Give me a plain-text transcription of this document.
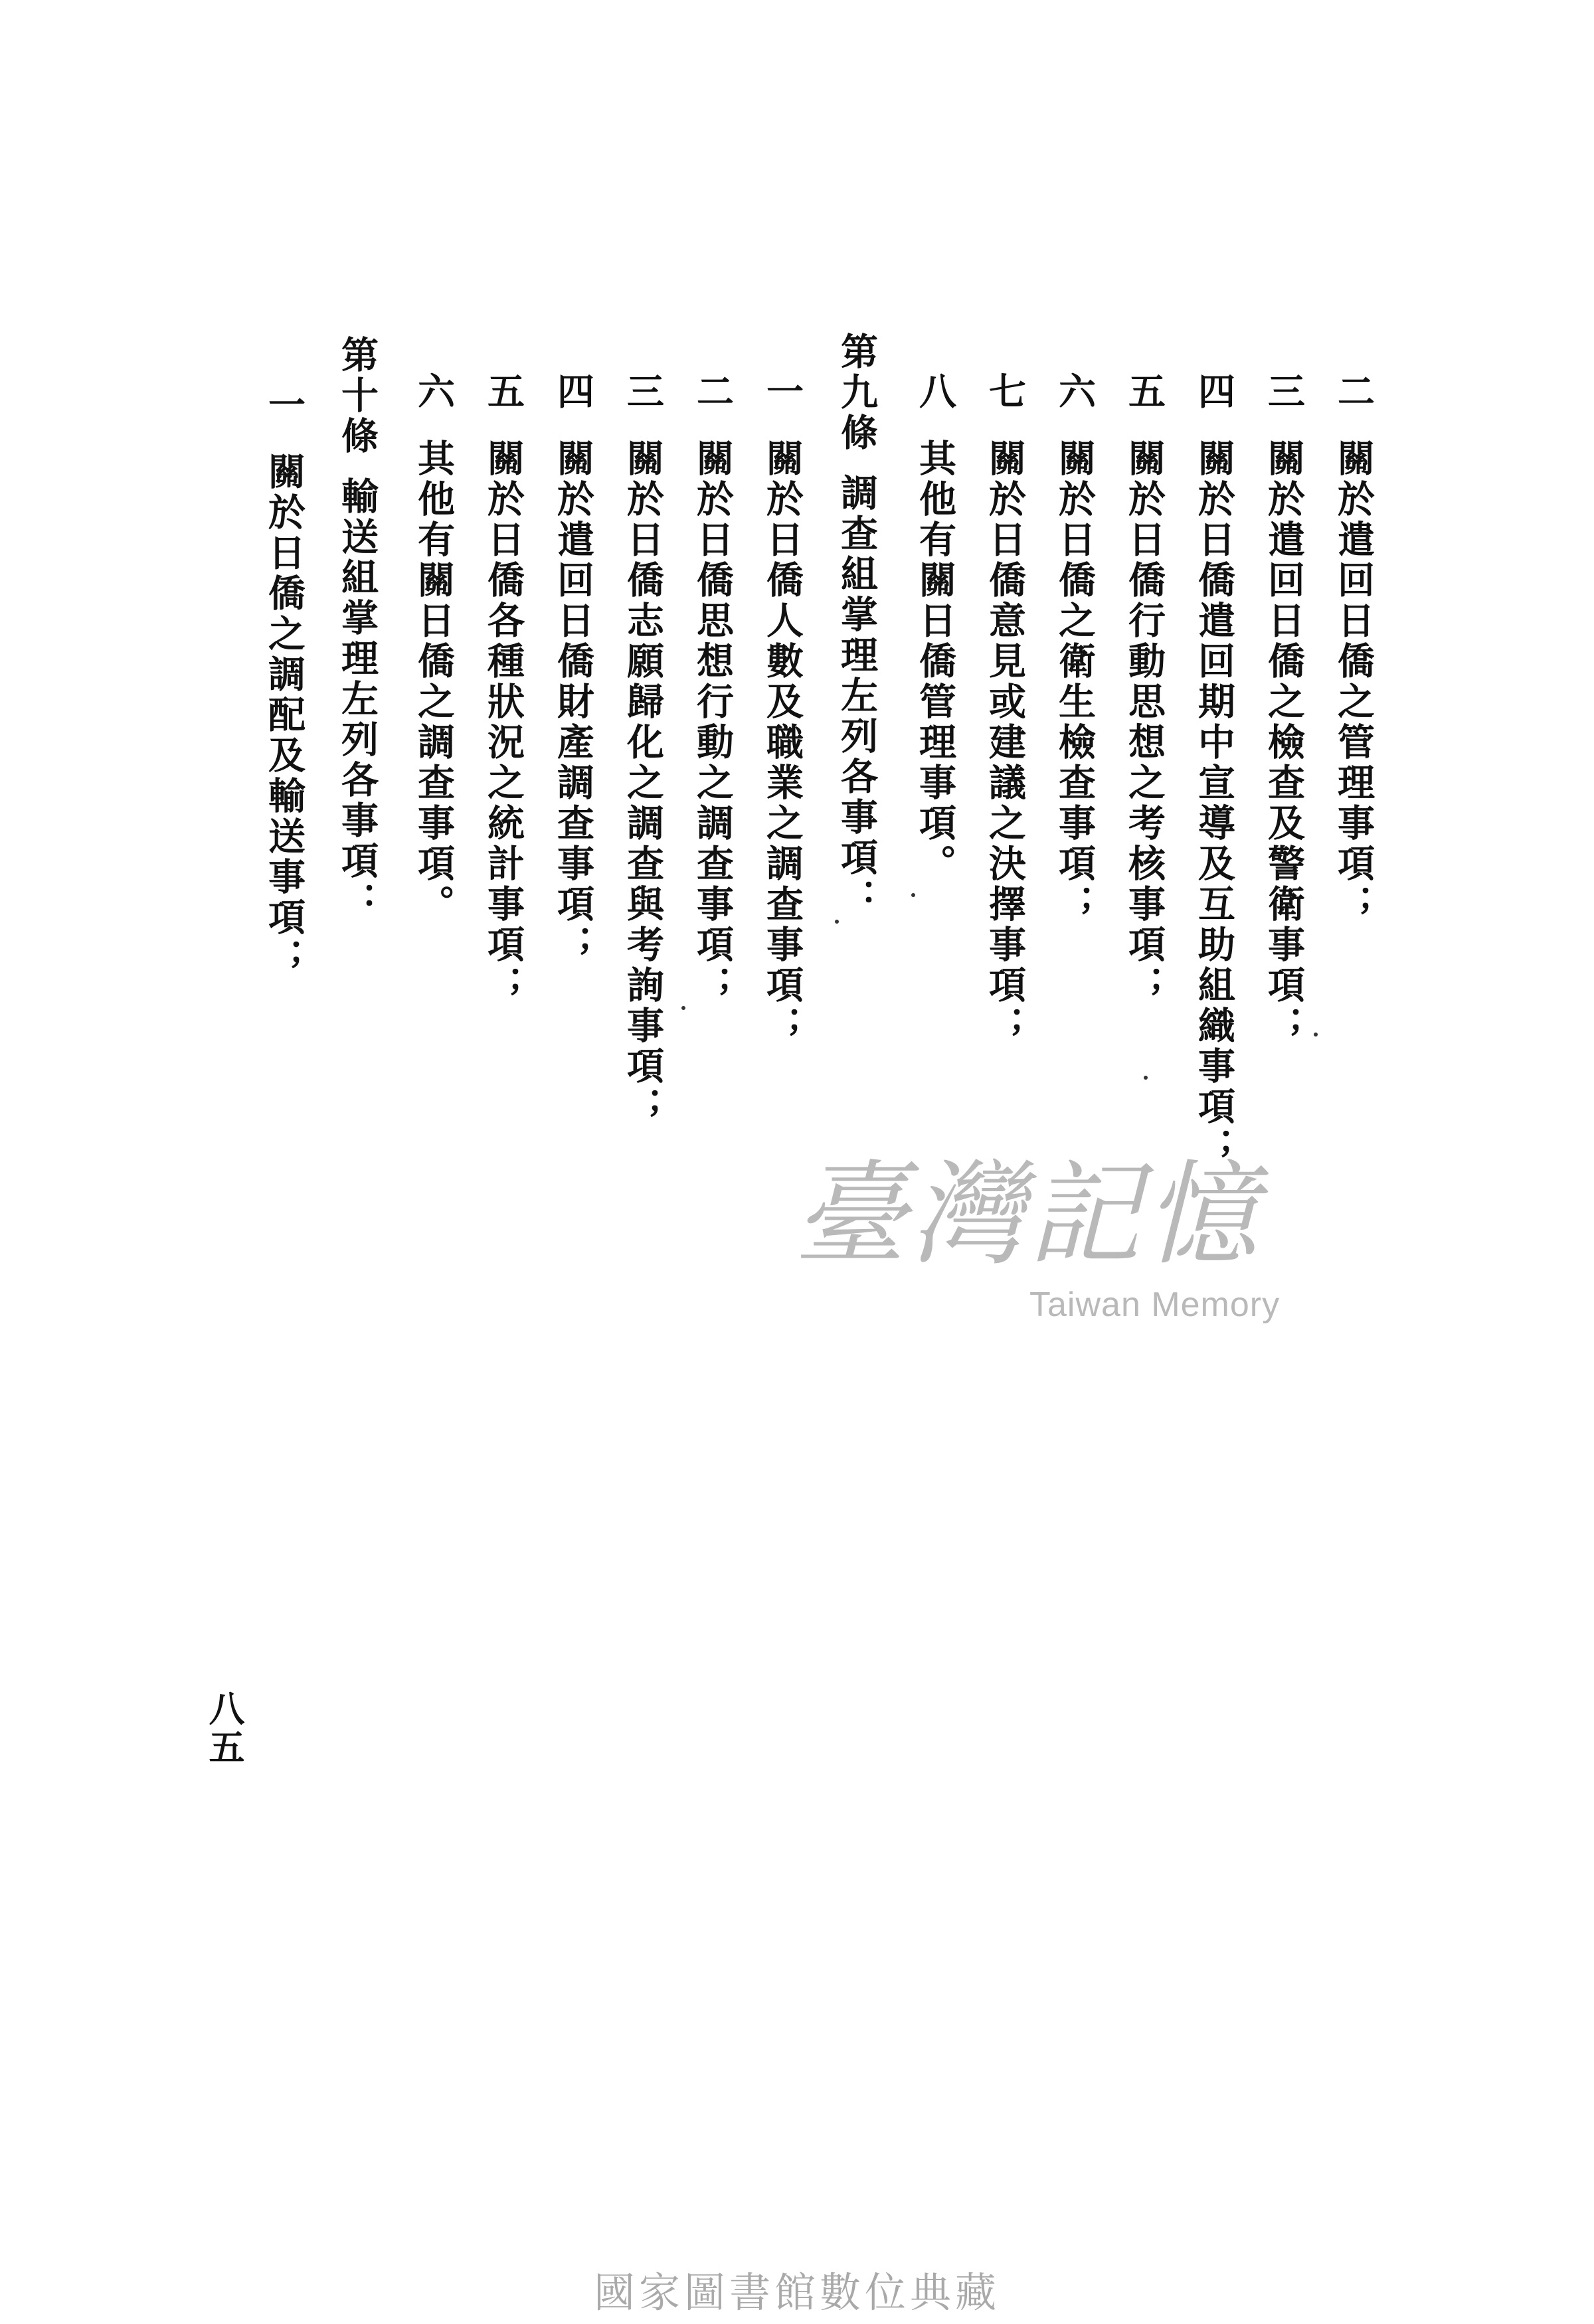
二關於遣回日僑之管理事項；
三關於遣回日僑之檢查及警衛事項；
四關於日僑遣回期中宣導及互助組織事項；
五關於日僑行動思想之考核事項；
六關於日僑之衛生檢查事項；
七關於日僑意見或建議之決擇事項；
八其他有關日僑管理事項。
第九條調查組掌理左列各事項：
一關於日僑人數及職業之調查事項；
二關於日僑思想行動之調查事項；
三關於日僑志願歸化之調查與考詢事項；
四關於遣回日僑財產調查事項；
五關於日僑各種狀況之統計事項；
六其他有關日僑之調查事項。
第十條輸送組掌理左列各事項：
一關於日僑之調配及輸送事項；
八五
臺灣記憶
Taiwan Memory
國家圖書館數位典藏
